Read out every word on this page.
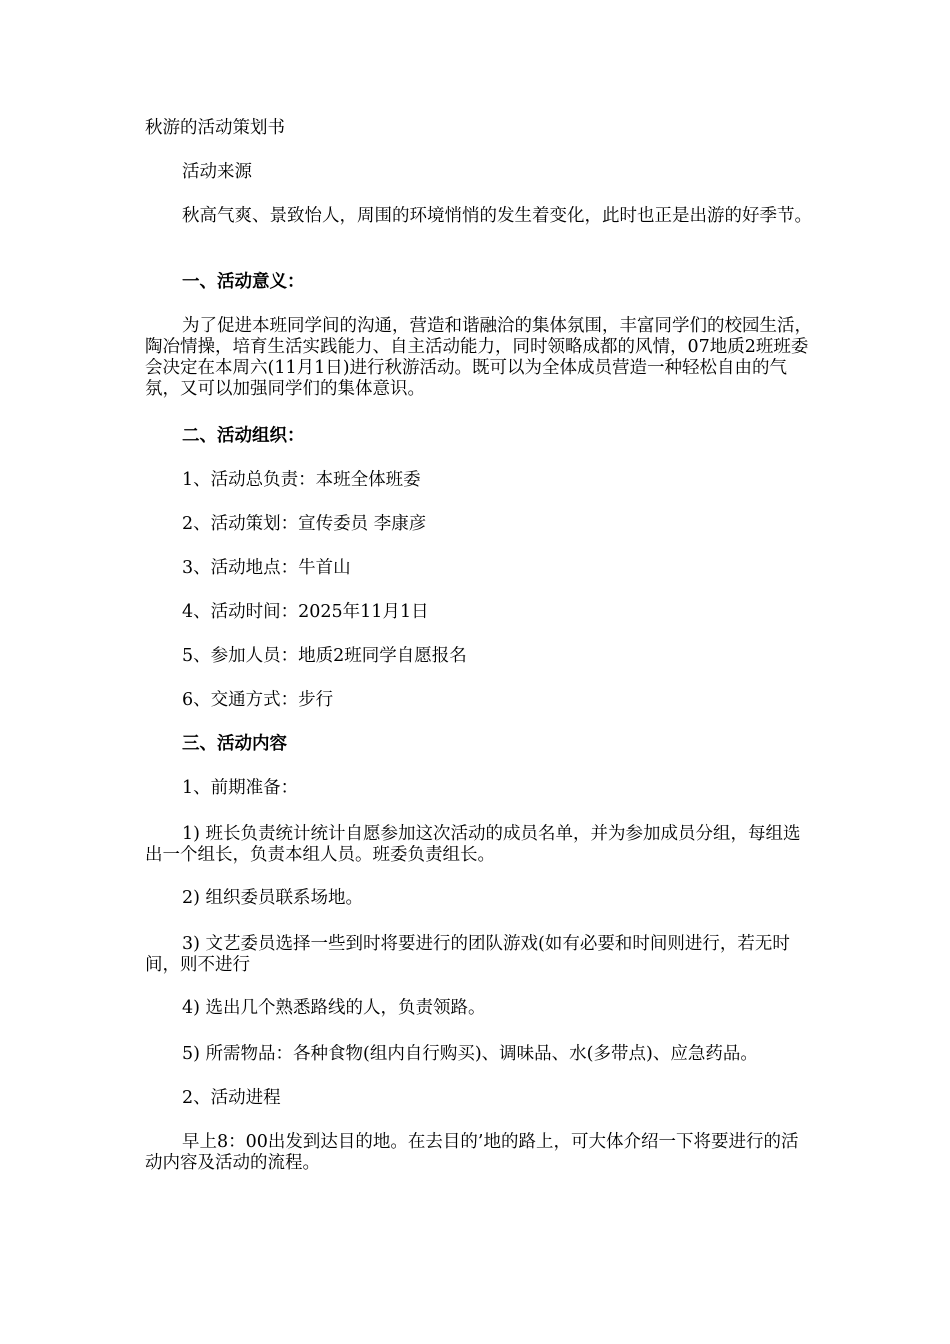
秋游的活动策划书

活动来源

秋高气爽、景致怡人，周围的环境悄悄的发生着变化，此时也正是出游的好季节。

一、活动意义：

为了促进本班同学间的沟通，营造和谐融洽的集体氛围，丰富同学们的校园生活，陶冶情操，培育生活实践能力、自主活动能力，同时领略成都的风情，07地质2班班委会决定在本周六(11月1日)进行秋游活动。既可以为全体成员营造一种轻松自由的气氛，又可以加强同学们的集体意识。

二、活动组织：

1、活动总负责：本班全体班委

2、活动策划：宣传委员 李康彦

3、活动地点：牛首山

4、活动时间：2025年11月1日

5、参加人员：地质2班同学自愿报名

6、交通方式：步行

三、活动内容

1、前期准备：

1) 班长负责统计统计自愿参加这次活动的成员名单，并为参加成员分组，每组选出一个组长，负责本组人员。班委负责组长。

2) 组织委员联系场地。

3) 文艺委员选择一些到时将要进行的团队游戏(如有必要和时间则进行，若无时间，则不进行

4) 选出几个熟悉路线的人，负责领路。

5) 所需物品：各种食物(组内自行购买)、调味品、水(多带点)、应急药品。

2、活动进程

早上8：00出发到达目的地。在去目的’地的路上，可大体介绍一下将要进行的活动内容及活动的流程。
